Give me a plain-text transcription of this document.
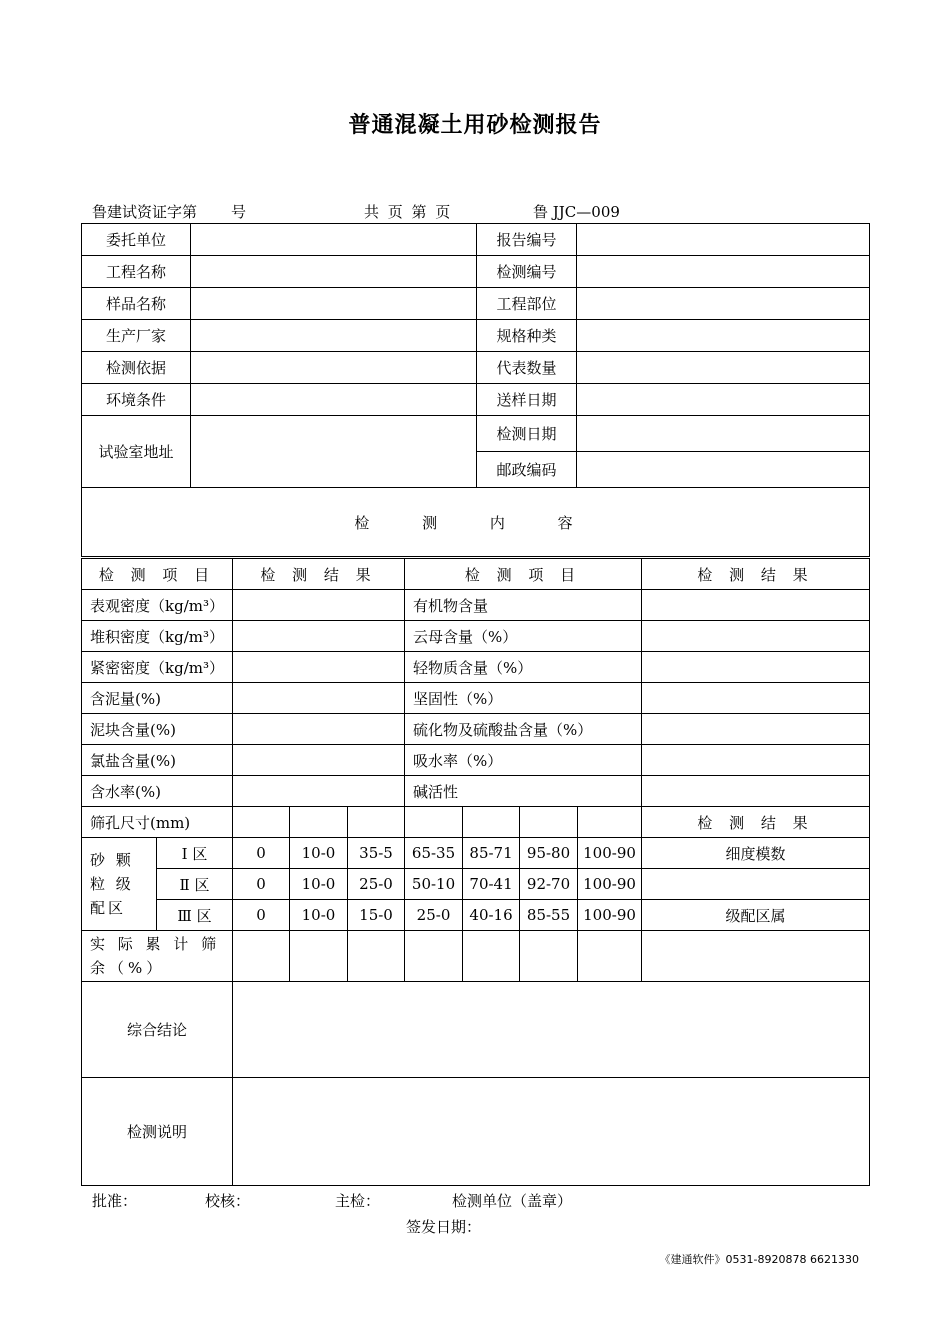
普通混凝土用砂检测报告
鲁建试资证字第 号	共 页 第 页	鲁 JJC—009
委托单位		报告编号	
工程名称		检测编号	
样品名称		工程部位	
生产厂家		规格种类	
检测依据		代表数量	
环境条件		送样日期	
试验室地址		检测日期	
		邮政编码	
检 测 内 容			
检 测 项 目		检 测 结 果			检 测 项 目				检 测 结 果
表观密度（kg/m³）					有机物含量				
堆积密度（kg/m³）					云母含量（%）				
紧密密度（kg/m³）					轻物质含量（%）				
含泥量(%)					坚固性（%）				
泥块含量(%)					硫化物及硫酸盐含量（%）				
氯盐含量(%)					吸水率（%）				
含水率(%)					碱活性				
筛孔尺寸(mm)									检 测 结 果
砂 颗 粒 级配区	Ⅰ 区	0	10-0	35-5	65-35	85-71	95-80	100-90	细度模数
	Ⅱ 区	0	10-0	25-0	50-10	70-41	92-70	100-90	
	Ⅲ 区	0	10-0	15-0	25-0	40-16	85-55	100-90	级配区属
实 际 累 计 筛 余（%）									
综合结论									
检测说明									
批准：	校核：	主检：	检测单位（盖章）
签发日期：
《建通软件》0531-8920878 6621330
